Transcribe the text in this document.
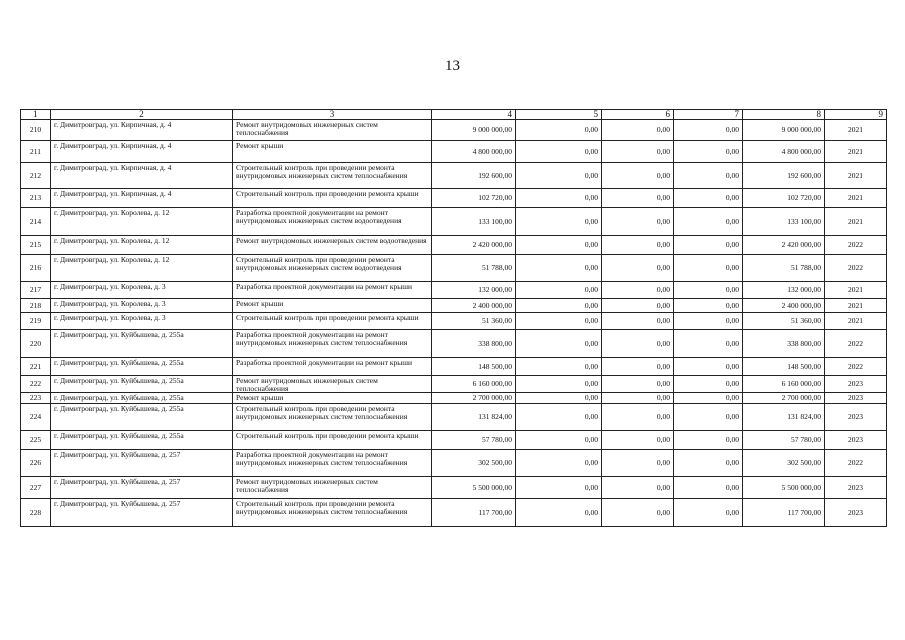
13
1	2	3	4	5	6	7	8	9
210	г. Димитровград, ул. Кирпичная, д. 4	Ремонт внутридомовых инженерных систем теплоснабжения	9 000 000,00	0,00	0,00	0,00	9 000 000,00	2021
211	г. Димитровград, ул. Кирпичная, д. 4	Ремонт крыши	4 800 000,00	0,00	0,00	0,00	4 800 000,00	2021
212	г. Димитровград, ул. Кирпичная, д. 4	Строительный контроль при проведении ремонта внутридомовых инженерных систем теплоснабжения	192 600,00	0,00	0,00	0,00	192 600,00	2021
213	г. Димитровград, ул. Кирпичная, д. 4	Строительный контроль при проведении ремонта крыши	102 720,00	0,00	0,00	0,00	102 720,00	2021
214	г. Димитровград, ул. Королева, д. 12	Разработка проектной документации на ремонт внутридомовых инженерных систем водоотведения	133 100,00	0,00	0,00	0,00	133 100,00	2021
215	г. Димитровград, ул. Королева, д. 12	Ремонт внутридомовых инженерных систем водоотведения	2 420 000,00	0,00	0,00	0,00	2 420 000,00	2022
216	г. Димитровград, ул. Королева, д. 12	Строительный контроль при проведении ремонта внутридомовых инженерных систем водоотведения	51 788,00	0,00	0,00	0,00	51 788,00	2022
217	г. Димитровград, ул. Королева, д. 3	Разработка проектной документации на ремонт крыши	132 000,00	0,00	0,00	0,00	132 000,00	2021
218	г. Димитровград, ул. Королева, д. 3	Ремонт крыши	2 400 000,00	0,00	0,00	0,00	2 400 000,00	2021
219	г. Димитровград, ул. Королева, д. 3	Строительный контроль при проведении ремонта крыши	51 360,00	0,00	0,00	0,00	51 360,00	2021
220	г. Димитровград, ул. Куйбышева, д. 255а	Разработка проектной документации на ремонт внутридомовых инженерных систем теплоснабжения	338 800,00	0,00	0,00	0,00	338 800,00	2022
221	г. Димитровград, ул. Куйбышева, д. 255а	Разработка проектной документации на ремонт крыши	148 500,00	0,00	0,00	0,00	148 500,00	2022
222	г. Димитровград, ул. Куйбышева, д. 255а	Ремонт внутридомовых инженерных систем теплоснабжения	6 160 000,00	0,00	0,00	0,00	6 160 000,00	2023
223	г. Димитровград, ул. Куйбышева, д. 255а	Ремонт крыши	2 700 000,00	0,00	0,00	0,00	2 700 000,00	2023
224	г. Димитровград, ул. Куйбышева, д. 255а	Строительный контроль при проведении ремонта внутридомовых инженерных систем теплоснабжения	131 824,00	0,00	0,00	0,00	131 824,00	2023
225	г. Димитровград, ул. Куйбышева, д. 255а	Строительный контроль при проведении ремонта крыши	57 780,00	0,00	0,00	0,00	57 780,00	2023
226	г. Димитровград, ул. Куйбышева, д. 257	Разработка проектной документации на ремонт внутридомовых инженерных систем теплоснабжения	302 500,00	0,00	0,00	0,00	302 500,00	2022
227	г. Димитровград, ул. Куйбышева, д. 257	Ремонт внутридомовых инженерных систем теплоснабжения	5 500 000,00	0,00	0,00	0,00	5 500 000,00	2023
228	г. Димитровград, ул. Куйбышева, д. 257	Строительный контроль при проведении ремонта внутридомовых инженерных систем теплоснабжения	117 700,00	0,00	0,00	0,00	117 700,00	2023
